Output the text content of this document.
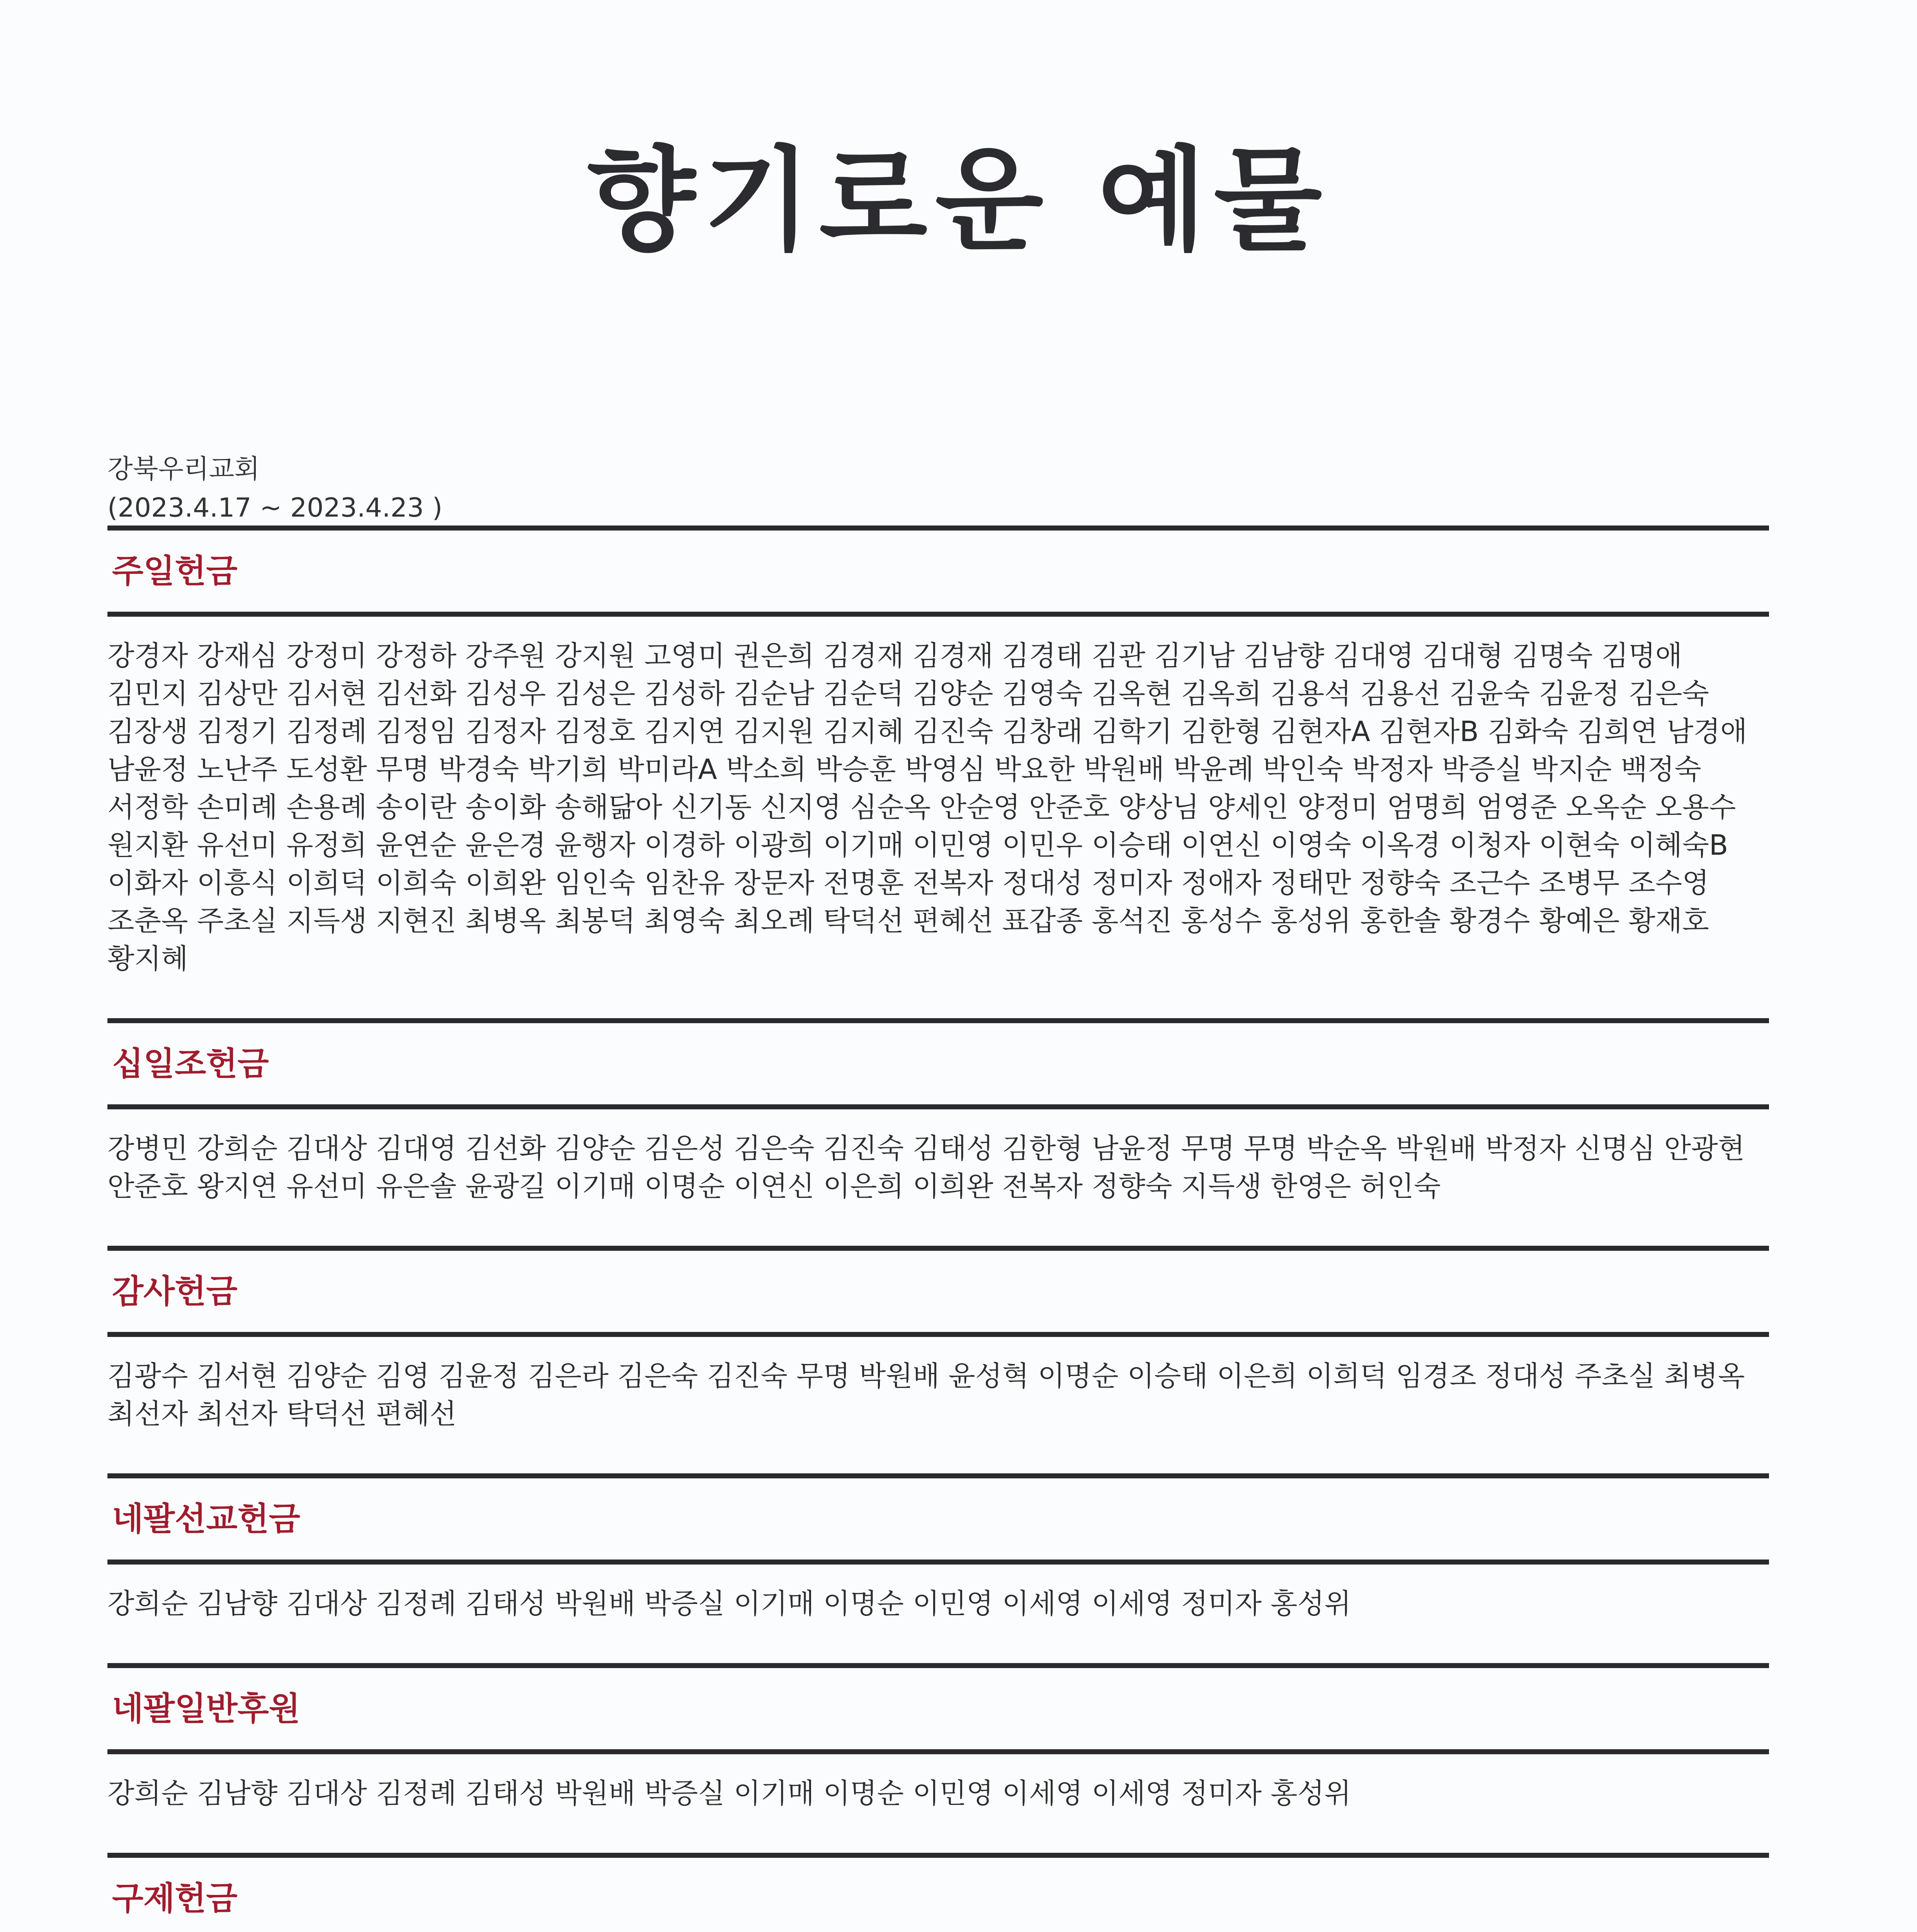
향기로운 예물
강북우리교회
(2023.4.17 ~ 2023.4.23 )
주일헌금
강경자 강재심 강정미 강정하 강주원 강지원 고영미 권은희 김경재 김경재 김경태 김관 김기남 김남향 김대영 김대형 김명숙 김명애 김민지 김상만 김서현 김선화 김성우 김성은 김성하 김순남 김순덕 김양순 김영숙 김옥현 김옥희 김용석 김용선 김윤숙 김윤정 김은숙 김장생 김정기 김정례 김정임 김정자 김정호 김지연 김지원 김지혜 김진숙 김창래 김학기 김한형 김현자A 김현자B 김화숙 김희연 남경애 남윤정 노난주 도성환 무명 박경숙 박기희 박미라A 박소희 박승훈 박영심 박요한 박원배 박윤례 박인숙 박정자 박증실 박지순 백정숙 서정학 손미례 손용례 송이란 송이화 송해닮아 신기동 신지영 심순옥 안순영 안준호 양상님 양세인 양정미 엄명희 엄영준 오옥순 오용수 원지환 유선미 유정희 윤연순 윤은경 윤행자 이경하 이광희 이기매 이민영 이민우 이승태 이연신 이영숙 이옥경 이청자 이현숙 이혜숙B 이화자 이흥식 이희덕 이희숙 이희완 임인숙 임찬유 장문자 전명훈 전복자 정대성 정미자 정애자 정태만 정향숙 조근수 조병무 조수영 조춘옥 주초실 지득생 지현진 최병옥 최봉덕 최영숙 최오례 탁덕선 편혜선 표갑종 홍석진 홍성수 홍성위 홍한솔 황경수 황예은 황재호 황지혜
십일조헌금
강병민 강희순 김대상 김대영 김선화 김양순 김은성 김은숙 김진숙 김태성 김한형 남윤정 무명 무명 박순옥 박원배 박정자 신명심 안광현 안준호 왕지연 유선미 유은솔 윤광길 이기매 이명순 이연신 이은희 이희완 전복자 정향숙 지득생 한영은 허인숙
감사헌금
김광수 김서현 김양순 김영 김윤정 김은라 김은숙 김진숙 무명 박원배 윤성혁 이명순 이승태 이은희 이희덕 임경조 정대성 주초실 최병옥 최선자 최선자 탁덕선 편혜선
네팔선교헌금
강희순 김남향 김대상 김정례 김태성 박원배 박증실 이기매 이명순 이민영 이세영 이세영 정미자 홍성위
네팔일반후원
강희순 김남향 김대상 김정례 김태성 박원배 박증실 이기매 이명순 이민영 이세영 이세영 정미자 홍성위
구제헌금
